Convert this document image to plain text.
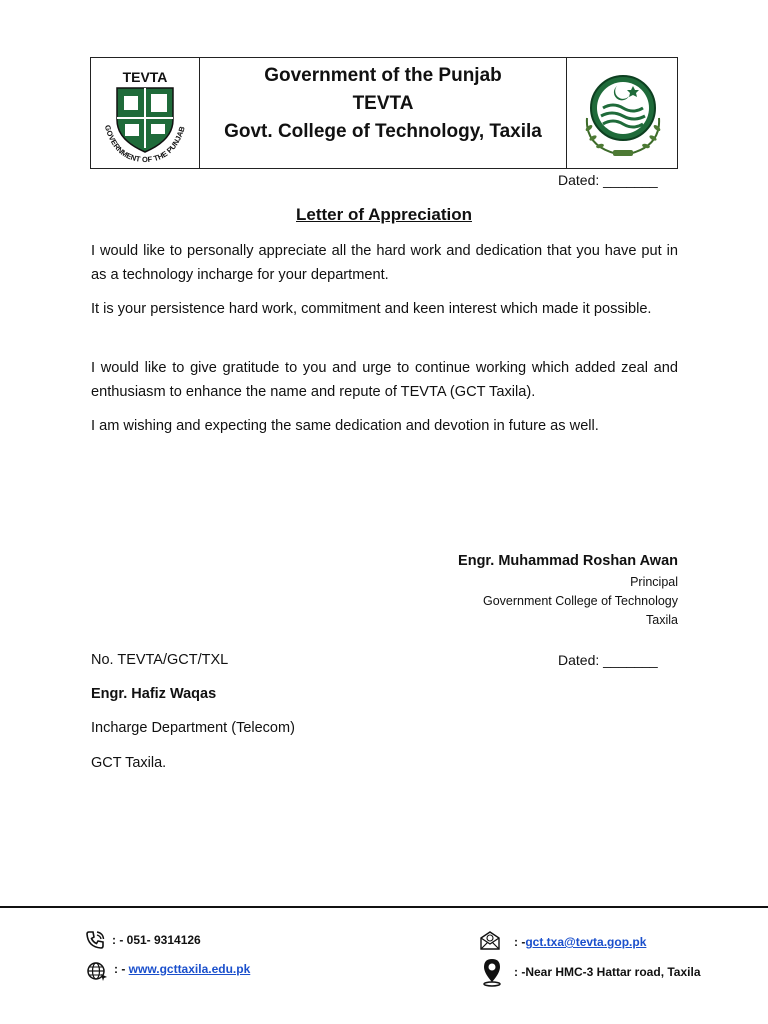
TEVTA
GOVERNMENT OF THE PUNJAB
Government of the Punjab
TEVTA
Govt. College of Technology, Taxila
Dated: _______
Letter of Appreciation
I would like to personally appreciate all the hard work and dedication that you have put in as a technology incharge for your department.
It is your persistence hard work, commitment and keen interest which made it possible.
I would like to give gratitude to you and urge to continue working which added zeal and enthusiasm to enhance the name and repute of TEVTA (GCT Taxila).
I am wishing and expecting the same dedication and devotion in future as well.
Engr. Muhammad Roshan Awan
Principal
Government College of Technology
Taxila
No. TEVTA/GCT/TXL	Dated: _______
Engr. Hafiz Waqas
Incharge Department (Telecom)
GCT Taxila.
: - 051- 9314126
: - www.gcttaxila.edu.pk
: -gct.txa@tevta.gop.pk
: -Near HMC-3 Hattar road, Taxila
